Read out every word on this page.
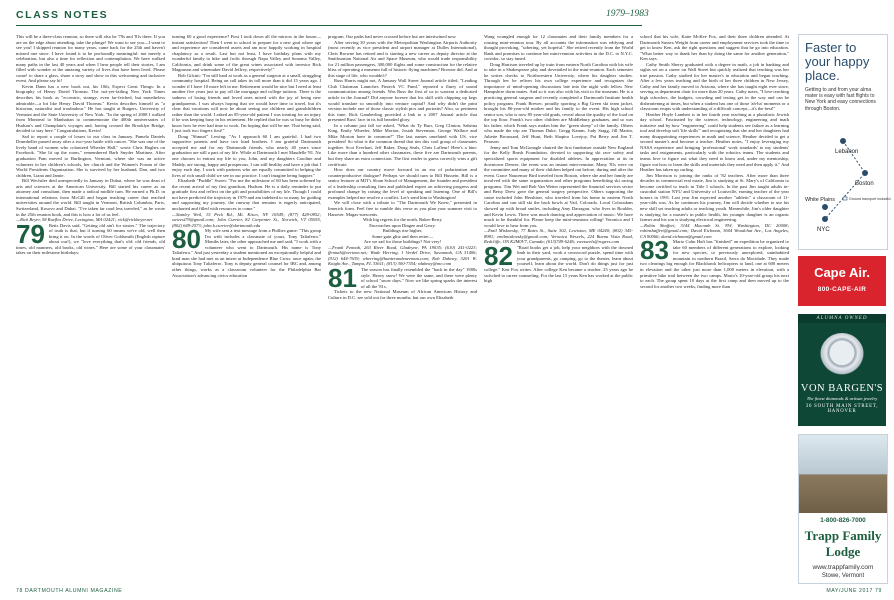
CLASS NOTES	1979–1983

This will be a three-class reunion, so there will also be '79s and '81s there. If you are on the edge about attending, take the plunge! We want to see you—I want to see you! I skipped reunion for many years, came back for the 25th and haven't missed one since. I have found it to be profoundly meaningful: not merely a celebration, but also a time for reflection and contemplation. We have walked many paths in the last 40 years and when I hear people tell their stories, I am filled with wonder at the amazing variety of lives that have been lived. Please come! to share a glass, share a story and show in this welcoming and inclusive event. And please say hi!

Kevin Dann has a new book out, his 10th, Expect Great Things: In a biography of Henry David Thoreau. The not-yet-failing New York Times describes his book as "eccentric, strange, even far-fetched, but nonetheless admirable—a bit like Henry David Thoreau." Kevin describes himself as "a historian, naturalist and troubadour." He has taught at Rutgers, University of Vermont and the State University of New York. "In the spring of 2008 I walked from Montreal to Manhattan to commemorate the 400th anniversaries of Hudson's and Champlain's voyages and, having crossed the Brooklyn Bridge, decided to stay here." Congratulations, Kevin!

Sad to report a couple of losses to our class in January. Pamela Daniels Drumheller passed away after a two-year battle with cancer. "She was one of the lively band of women who colonized Wheeler Hall," wrote Chris Hughes on Facebook. "She lit up the room," remembered Barb Snyder Martinez. After graduation Pam moved to Burlington, Vermont, where she was an active volunteer in her children's schools, her church and the Women's Forum of the World Presidents Organization. She is survived by her husband, Dan, and two children, Liana and Jamie.

Bill Wechsler died unexpectedly in January in Dubai, where he was dean of arts and sciences at the American University. Bill started his career as an attorney and consultant, then made a radical midlife turn. He earned a Ph.D. in international relations from McGill and began teaching career that reached universities around the world. Bill taught in Vermont, British Columbia, Paris, Switzerland, Kosovo and Dubai. "I've taken far road less traveled," as he wrote in the 25th reunion book, and this is how a lot of us feel.

—Rick Beyer, 58 Ruefles Drive, Lexington, MA 02421; rick@rickbeyer.net

79 Betts Davis said, "Getting old ain't for sissies." The trajectory of truth is that, but if turning 60 means we're old, well then bring it on. In the words of Oliver Goldsmith (English rapture about our!), we "love everything that's old: old friends, old times, old manners, old books, old wines." Here are some of your classmates' takes on their milestone birthdays:

turning 60 a good experience? First I took down all the mirrors in the house—instant satisfaction! Then I went to school to prepare for a new goal where age and experience are considered assets and am now happily working in hospital chaplaincy as a result. Last but not least, I have birthday plans with my wonderful family to hike and frolic through Napa Valley and Sonoma Valley, California, and drink some of the great wines associated with investor Rick Magnuson and winemaker David Jeffrey, respectively!"

Bob Gilcini: "I'm still hard at work as a general surgeon at a small, struggling community hospital. Being on call takes its toll more than it did 15 years ago. I wonder if I have 10 more left in me. Retirement would be nice but I need at least another five years just to pay off the mortgage and college tuitions. There is the sadness of losing friends and loved ones mixed with the joy of being new grandparents. I was always hoping that we would have time to travel, but it's clear that vacations will now be about seeing our children and grandchildren rather than the world. I asked an 85-year-old patient I was treating for an injury if he was keeping busy in his retirement. He replied that he was so busy he didn't know how he ever had time to work. I'm hoping that will be me. That being said, I just took two fingers first!"

Doug "Shmurf" Lewing: "As I approach 60 I am grateful. I had two supportive parents and have two kind brothers. I am grateful Dartmouth accepted me and for my Dartmouth friends, who nearly 40 years since graduation are still a part of my life. While at Dartmouth I met Maudelle '81. No one chooses to entrust my life to you, John, and my daughters Caroline and Maddy, are strong, happy and prosperous. I can still healthy and have a job that I enjoy each day. I work with partners who are equally committed to helping the lives of rich small child we see in our practice. I can't imagine being happier."

Elizabeth "Puddle" Sweet: "For me the milestone of 60 has been softened by the recent arrival of my first grandson, Hudson. He is a daily reminder to put gratitude first and reflect on the gift and possibilities of my life. Though I could not have predicted the trajectory in 1979 and am indebted to so many for guiding and supporting my journey, the runway that remains is eagerly anticipated, uncharted and filled with resources to come."

—Stanley Weil, 15 Peck Rd., Mt. Kisco, NY 10549; (877) 428-0852; swwest79@gmail.com; John Currier, 82 Carpenter St., Norwich, VT 05055, (802) 649-2573; john.h.currier@dartmouth.edu

80 My wife sent a text message from a Phillies game: "This group I'm with includes a classmate of yours, Tony Taliaferro." Months later, the other approached me and said, "I work with a volunteer who went to Dartmouth. His name is Tony Taliaferro." And just yesterday a student mentioned an exceptionally helpful and kind man she had met as an intern at Independence Blue Cross: once again, the ubiquitous Tony Taliaferro. Tony is deputy general counsel for IBC and, among other things, works as a classroom volunteer for the Philadelphia Bar Association's advancing civics education

program. Our paths had never crossed before but are intertwined now.

After serving 30 years with the Metropolitan Washington Airports Authority (most recently as vice president and airport manager at Dulles International), Chris Browne has retired and is starting a new career as deputy director at the Smithsonian National Air and Space Museum, who would trade responsibility for 21 million passengers, 300,000 flights and some construction for the relative bliss of operating a museum full of historic flying machines? Browne did. And at this stage of life, who wouldn't?

Russ Harris might not, A January Wall Street Journal article titled, "Leading Club Chairman Launches Fintech VC Fund," reported a flurry of sound communication among friends. Was Russ the first of us to warrant a dedicated article in the Journal? Did anyone foresee that his skill with chipping up kegs would translate so smoothly into venture capital? And why didn't the print version include one of those classic stylish pics and portraits? Also, so pertinent this time, Rick Gamberling provided a link to a 2007 Journal article that presented Russ' face in its full bearded glory.

In a column just fall we asked, "What do Ty Burr, Greg Clinton, Sabrina King, Emily Wheeler, Mike Morton, Josiah Stevenson, George Wallace and Mike Morton have in common?" The last names unrelated with US, vice president! So what is the common thread that ties this cool group of classmates together. Scot Everhart, Jeff Baker, Doug Seals, Chris Lafleur! Here's a hint: Like more than a hundred other classmates, these five are Dartmouth parents, but they share an extra connection. The first reader to guess correctly wins a gift certificate.

How does our country move forward in an era of polarization and counterproductive dialogue? Perhaps we should turn to Bill Hussein. Bill is a senior lecturer at MIT's Sloan School of Management, the founder and president of a leadership consulting firm and published expert on achieving progress and profound change by raising the level of speaking and listening. One of Bill's examples helped me resolve a conflict. Let's send him to Washington!

We will close with a tribute to "The Dartmouth We Knew," presented in limerick form. Feel free to rumble this verse as you plan your summer visit to Hanover. Magas-suescents.

With big regrets for the north, Baker-Berry

Encroaches upon Dingee and Gerry.

Buildings rise higher,

Some gain glitz and then retire—

Are we sad for those buildings? Not very!

—Frank Fennah, 263 River Road, Gladeyne, PA 19035; (610) 241-0223; ffennah@verizon.net; Wade Herring, 1 Verdel Drive, Savannah, GA 31406; (912) 644-7639; wherring@hunterandeneeman.com; Rob Dabney, 3201 W. Knight Ave., Tampa, FL 33611; (813) 300-7354; rdabney@me.com

81 The season has finally resembled the "back in the day" 1980s style. Heavy snow! We were the same, and there were plenty of school "snow days." Now we like spring sparks the interest of all the '81s.

Tickets to the new National Museum of African American History and Culture in D.C. are sold out for three months, but our own Elizabeth

Wang wrangled enough for 12 classmates and their family members for a rousing mini-reunion tour. By all accounts the information was edifying and thought provoking, "sobering, yet hopeful." She retired recently from the World Bank and promises to continue her mini-reunion activities in the D.C. to N.Y.C. corridor, so stay tuned.

Doug Harrison traveled up by train from eastern North Carolina with his wife to take in a Shakespeare play and dovetailed in the mini-reunion. Each semester he writes checks to Northwestern University, where his daughter studies. Through her he relives his own college experience and recognizes the importance of mind-opening discussions late into the night with fellow New Hampshire dorm mates. And so it was also with his visit to the museum. He is a practicing general surgeon and recently completed a Dartmouth Institute health policy program. Frank Brewer, proudly sporting a Big Green ski team jacket, brought his 86-year-old mother and his family to the event. His high school senior son, who is now 85-year-old grads, reveal about the quality of the food on the top floor. Frank's two other children are Middlebury graduates, and so was his father, which Frank says makes him the "green sheep" of the family. Others who made the trip are Thomas Duke, Gregg Kamm, Judy Stagg, Jill Martin, Juliette Broussard, Jeff Hunt, Beth Shapiro Lovejoy, Pat Berry and Jim T. Pearson.

Jenny and Tom McGonagle chaired the first fundraiser outside New England for the Kelly Brush Foundation, devoted to supporting ski race safety and specialized sports equipment for disabled athletes. In appreciation at its in downtown Denver, the event was an instant mini-reunion. Many '81s were on the committee and many of their children helped out before, during and after the event. Grace Naucemor Bird traveled from Boston, where she and her family are involved with the same organization and other programs benefitting ski racing programs. Tim Wei and Bob Van Wetter represented the financial services sector and Betsy Drew gave the general surgery perspective. Others supporting the cause included John Hershiser, who traveled from his home in eastern North Carolina and can still ski the back bowls at Vail, Colorado. Local Coloradans showed up with broad smiles, including Amy Darragon, who lives in Boulder, and Kevin Lewis. There was much dancing and appreciation of music. We have much to be thankful for. Please keep the mini-reunions rolling! Veronica and I would love to hear from you.

—Emil Miskovsky, 77 Bates St., Suite 302, Lewiston, ME 04240; (802) 345-8981; emilmiskovsky@gmail.com; Veronica Weseels, 224 Buena Vista Road, Redcliffe, ON K2M0V7, Canada; (613)749-6246; vwesseels@rogers.com

82 "Road books get a job, help your neighbors with the downed limb in their yard, work a crossword puzzle, spend time with your grandparents, go camping, go to the theater, learn about yourself, learn about the world. Don't do things just for just college." Ken Fox writes. After college Ken became a teacher. 25 years ago he switched to career counseling. For the last 15 years Ken has worked at the public high

school that his wife, Katie McKee Fox, and their three children attended. At Dartmouth Sussex Weight from career and employment services took the time to get to know Ken, ask the right questions and suggest that he go into education. "What better way to thank her than by doing the same for another generation," Ken says.

Cathy Smith Sherry graduated with a degree in math, a job in banking and sights set on a career on Wall Street but quickly realized that teaching was her true passion. Cathy studied for her master's in education and began teaching. After a few years teaching and the birth of her three children in New Jersey, Cathy and her family moved to Arizona, where she has taught eight ever since, serving as department chair for more than 20 years. Cathy notes, "I love teaching high schoolers, the budgets, crowding and testing get in the way and can be disheartening at times, but when a student has one of those 'ah-ha' moments or a classroom erupts with understanding of a difficult concept—it's the best!"

Heather Hoyle Lambert is in her fourth year teaching at a pluralistic Jewish day school. Fascinated by the science, technology, engineering and math initiative and by how "engineering" could help students see failure as a learning tool and develop soft 'life skills'" and recognizing that she and her daughters had many disappointing experiences in math and science, Heather decided to get a second master's and become a teacher. Heather notes, "I enjoy leveraging my NASA experience and bringing 'professional' work standards' to my students' tasks and assignments, particularly with the robotics teams. The students and teams love to figure out what they need to know and, under my mentorship, figure out how to learn the skills and materials they need and then apply it." And Heather has taken up curling.

Jim Morrison is joining the ranks of '82 teachers. After more than three decades in commercial real estate, Jim is studying at St. Mary's of California to become certified to teach in Title I schools. In the past Jim taught adults in-custodial station NYU and University of Louisville, earning teacher of the year honors in 1991. Last year Jim expected another "athletic" a classroom of 11-year-olds was. As he continues his journey, Jim will decide whether to use his new skill set teaching adults or teaching youth. Meanwhile, Jim's older daughter is studying for a master's in public health, his younger daughter is an organic farmer and his son is studying electrical engineering.

—Robin Shaffert, 3144 Macomb St. NW, Washington, DC 20008; robinshaffert@gmail.com; David Eichman, 3604 Woodchat Ave., Los Angeles, CA 90066; david.eichman@gmail.com

83 Mario Cohn Haft has "finished" an expedition he organized to take 60 members of different generations to explore, looking for new species, to previously unexplored, uninhabited mountain in northern Brazil, Serra da Mocidade. They made two clearings big enough for Blackhawk helicopters to land, one at 600 meters in elevation and the other just more than 1,000 meters in elevation, with a primitive hike trail between the two camps. Mario's 10-year-old group his next to each. The group spent 10 days at the first camp and then moved up to the second for another two weeks, finding more than

Faster to your happy place.
Getting to and from your alma mater is easy with fast flights to New York and easy connections through Boston.
Lebanon
Boston
White Plains
NYC
Ground transport included.
Cape Air.
800-CAPE-AIR
ALUMNA OWNED
VON BARGEN'S
The finest diamonds & artisan jewelry
36 SOUTH MAIN STREET, HANOVER
1-800-826-7000
Trapp Family Lodge
www.trappfamily.com
Stowe, Vermont
78 DARTMOUTH ALUMNI MAGAZINE	MAY/JUNE 2017 79
